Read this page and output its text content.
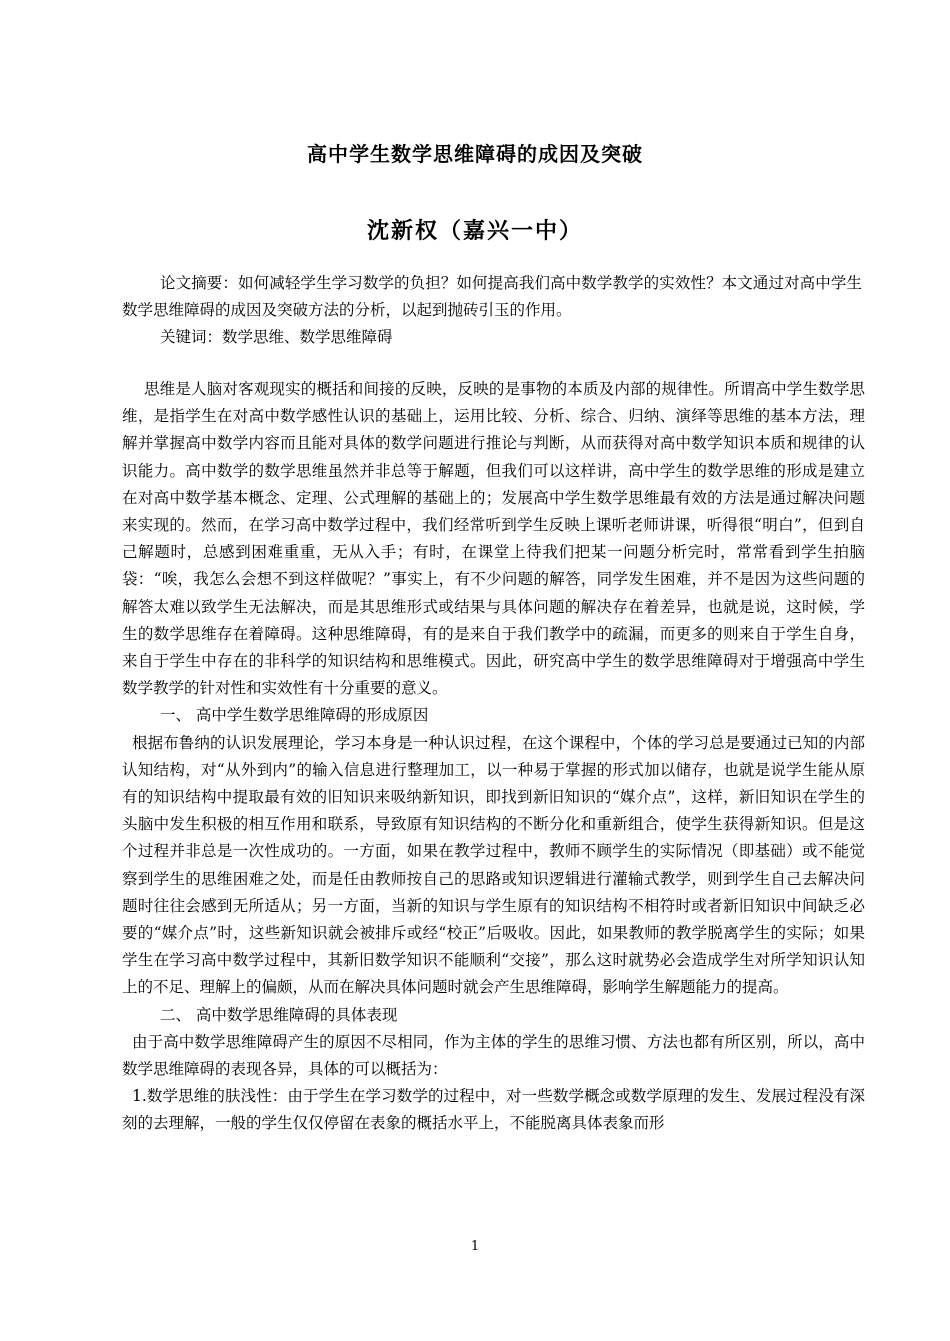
高中学生数学思维障碍的成因及突破
沈新权（嘉兴一中）

论文摘要：如何减轻学生学习数学的负担？如何提高我们高中数学教学的实效性？本文通过对高中学生数学思维障碍的成因及突破方法的分析，以起到抛砖引玉的作用。

关键词：数学思维、数学思维障碍

思维是人脑对客观现实的概括和间接的反映，反映的是事物的本质及内部的规律性。所谓高中学生数学思维，是指学生在对高中数学感性认识的基础上，运用比较、分析、综合、归纳、演绎等思维的基本方法，理解并掌握高中数学内容而且能对具体的数学问题进行推论与判断，从而获得对高中数学知识本质和规律的认识能力。高中数学的数学思维虽然并非总等于解题，但我们可以这样讲，高中学生的数学思维的形成是建立在对高中数学基本概念、定理、公式理解的基础上的；发展高中学生数学思维最有效的方法是通过解决问题来实现的。然而，在学习高中数学过程中，我们经常听到学生反映上课听老师讲课，听得很“明白”，但到自己解题时，总感到困难重重，无从入手；有时，在课堂上待我们把某一问题分析完时，常常看到学生拍脑袋：“唉，我怎么会想不到这样做呢？”事实上，有不少问题的解答，同学发生困难，并不是因为这些问题的解答太难以致学生无法解决，而是其思维形式或结果与具体问题的解决存在着差异，也就是说，这时候，学生的数学思维存在着障碍。这种思维障碍，有的是来自于我们教学中的疏漏，而更多的则来自于学生自身，来自于学生中存在的非科学的知识结构和思维模式。因此，研究高中学生的数学思维障碍对于增强高中学生数学教学的针对性和实效性有十分重要的意义。

一、 高中学生数学思维障碍的形成原因

根据布鲁纳的认识发展理论，学习本身是一种认识过程，在这个课程中，个体的学习总是要通过已知的内部认知结构，对“从外到内”的输入信息进行整理加工，以一种易于掌握的形式加以储存，也就是说学生能从原有的知识结构中提取最有效的旧知识来吸纳新知识，即找到新旧知识的“媒介点”，这样，新旧知识在学生的头脑中发生积极的相互作用和联系，导致原有知识结构的不断分化和重新组合，使学生获得新知识。但是这个过程并非总是一次性成功的。一方面，如果在教学过程中，教师不顾学生的实际情况（即基础）或不能觉察到学生的思维困难之处，而是任由教师按自己的思路或知识逻辑进行灌输式教学，则到学生自己去解决问题时往往会感到无所适从；另一方面，当新的知识与学生原有的知识结构不相符时或者新旧知识中间缺乏必要的“媒介点”时，这些新知识就会被排斥或经“校正”后吸收。因此，如果教师的教学脱离学生的实际；如果学生在学习高中数学过程中，其新旧数学知识不能顺利“交接”，那么这时就势必会造成学生对所学知识认知上的不足、理解上的偏颇，从而在解决具体问题时就会产生思维障碍，影响学生解题能力的提高。

二、 高中数学思维障碍的具体表现

由于高中数学思维障碍产生的原因不尽相同，作为主体的学生的思维习惯、方法也都有所区别，所以，高中数学思维障碍的表现各异，具体的可以概括为：

1.数学思维的肤浅性：由于学生在学习数学的过程中，对一些数学概念或数学原理的发生、发展过程没有深刻的去理解，一般的学生仅仅停留在表象的概括水平上，不能脱离具体表象而形

1
